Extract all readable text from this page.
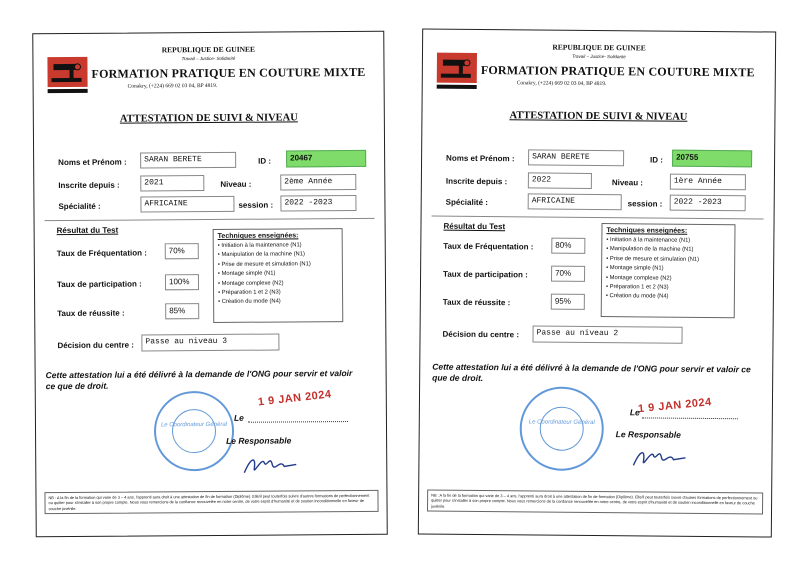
REPUBLIQUE DE GUINEE
Travail – Justice- Solidarité
FORMATION PRATIQUE EN COUTURE MIXTE
Conakry, (+224) 669 02 03 04, BP 4819.
ATTESTATION DE SUIVI & NIVEAU
Noms et Prénom :	SARAN BERETE	ID :	20467
Inscrite depuis :	2021	Niveau :	2ème Année
Spécialité :	AFRICAINE	session :	2022 -2023
Résultat du Test
Taux de Fréquentation :	70%
Taux de participation :	100%
Taux de réussite :	85%
Techniques enseignées:
• Initiation à la maintenance (N1)
• Manipulation de la machine (N1)
• Prise de mesure et simulation (N1)
• Montage simple (N1)
• Montage complexe (N2)
• Préparation 1 et 2 (N3)
• Création du mode (N4)
Décision du centre :	Passe au niveau 3
Cette attestation lui a été délivré à la demande de l'ONG pour servir et valoir ce que de droit.
Le Coordinateur Général
1 9 JAN 2024
Le
Le Responsable
NB : A la fin de la formation qui varie de 3 – 4 ans, l'apprenti aura droit à une attestation de fin de formation (Diplôme). Elle/il peut touterfois suivre d'autres formations de perfectionnement ou quitter pour s'installer à son propre compte. Nous vous remercions de la confiance renouvelée en notre centre, de votre esprit d'humanité et de soutien inconditionnelle en faveur de couche juvénile.
REPUBLIQUE DE GUINEE
Travail – Justice- Solidarité
FORMATION PRATIQUE EN COUTURE MIXTE
Conakry, (+224) 669 02 03 04, BP 4819.
ATTESTATION DE SUIVI & NIVEAU
Noms et Prénom :	SARAN BERETE	ID :	20755
Inscrite depuis :	2022	Niveau :	1ère Année
Spécialité :	AFRICAINE	session :	2022 -2023
Résultat du Test
Taux de Fréquentation :	80%
Taux de participation :	70%
Taux de réussite :	95%
Techniques enseignées:
• Initiation à la maintenance (N1)
• Manipulation de la machine (N1)
• Prise de mesure et simulation (N1)
• Montage simple (N1)
• Montage complexe (N2)
• Préparation 1 et 2 (N3)
• Création du mode (N4)
Décision du centre :	Passe au niveau 2
Cette attestation lui a été délivré à la demande de l'ONG pour servir et valoir ce que de droit.
Le Coordinateur Général
1 9 JAN 2024
Le
Le Responsable
NB : A la fin de la formation qui varie de 3 – 4 ans, l'apprenti aura droit à une attestation de fin de formation (Diplôme). Elle/il peut touterfois suivre d'autres formations de perfectionnement ou quitter pour s'installer à son propre compte. Nous vous remercions de la confiance renouvelée en notre centre, de votre esprit d'humanité et de soutien inconditionnelle en faveur de couche juvénile.
